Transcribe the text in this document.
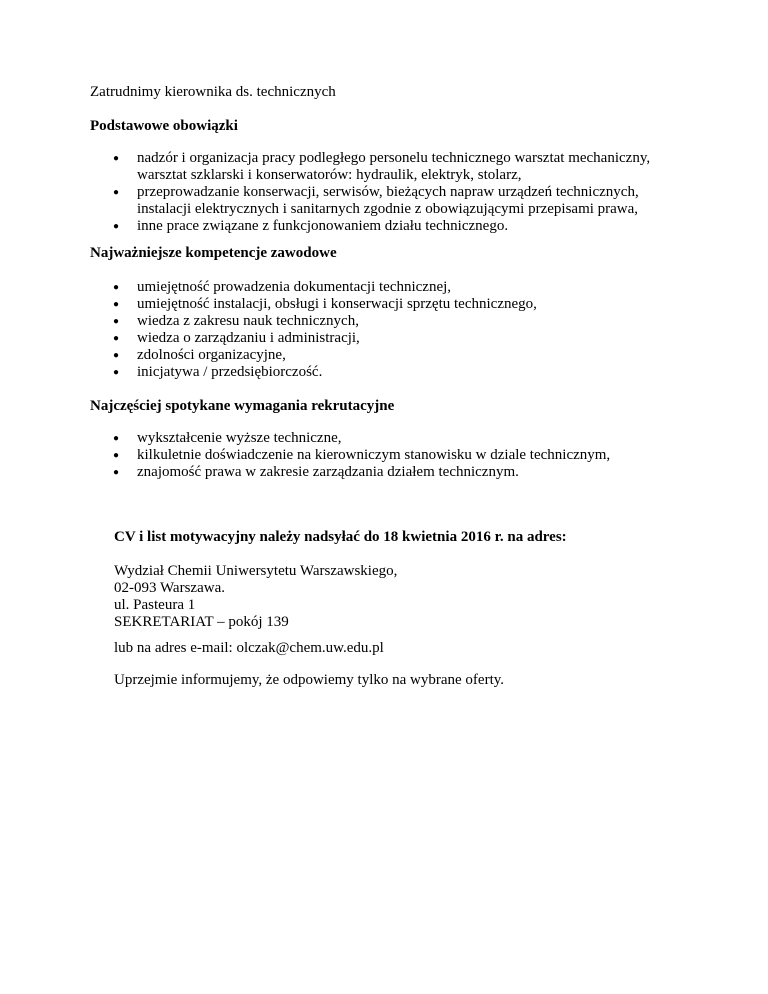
Zatrudnimy kierownika ds. technicznych

Podstawowe obowiązki

● nadzór i organizacja pracy podległego personelu technicznego warsztat mechaniczny, warsztat szklarski i konserwatorów: hydraulik, elektryk, stolarz,
● przeprowadzanie konserwacji, serwisów, bieżących napraw urządzeń technicznych, instalacji elektrycznych i sanitarnych zgodnie z obowiązującymi przepisami prawa,
● inne prace związane z funkcjonowaniem działu technicznego.

Najważniejsze kompetencje zawodowe

● umiejętność prowadzenia dokumentacji technicznej,
● umiejętność instalacji, obsługi i konserwacji sprzętu technicznego,
● wiedza z zakresu nauk technicznych,
● wiedza o zarządzaniu i administracji,
● zdolności organizacyjne,
● inicjatywa / przedsiębiorczość.

Najczęściej spotykane wymagania rekrutacyjne

● wykształcenie wyższe techniczne,
● kilkuletnie doświadczenie na kierowniczym stanowisku w dziale technicznym,
● znajomość prawa w zakresie zarządzania działem technicznym.

CV i list motywacyjny należy nadsyłać do 18 kwietnia 2016 r. na adres:

Wydział Chemii Uniwersytetu Warszawskiego,
02-093 Warszawa.
ul. Pasteura 1
SEKRETARIAT – pokój 139

lub na adres e-mail: olczak@chem.uw.edu.pl

Uprzejmie informujemy, że odpowiemy tylko na wybrane oferty.
